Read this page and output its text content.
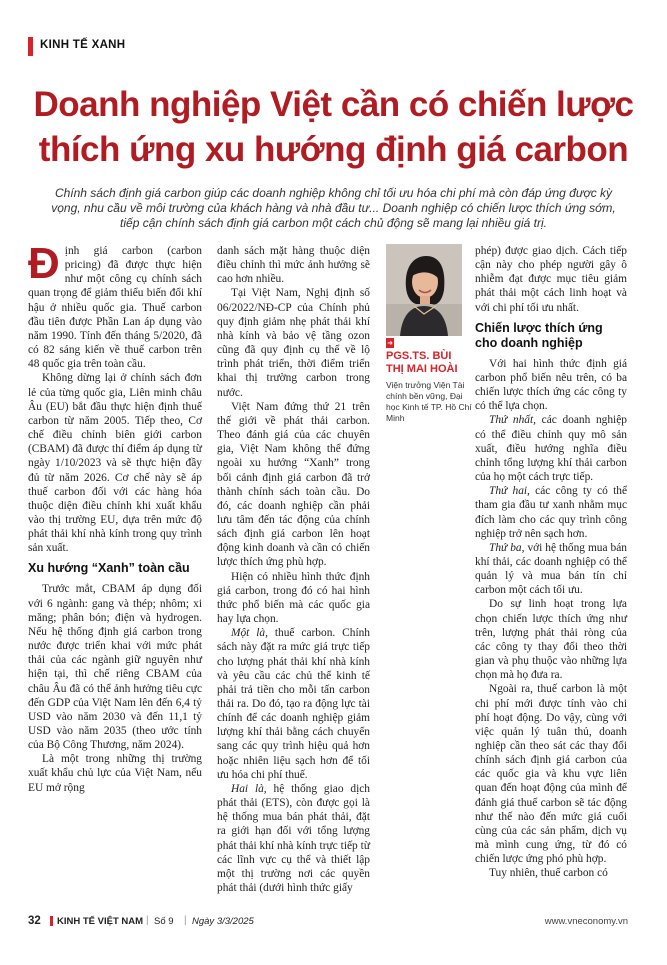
KINH TẾ XANH
Doanh nghiệp Việt cần có chiến lược
thích ứng xu hướng định giá carbon
Chính sách định giá carbon giúp các doanh nghiệp không chỉ tối ưu hóa chi phí mà còn đáp ứng được kỳ vọng, nhu cầu về môi trường của khách hàng và nhà đầu tư... Doanh nghiệp có chiến lược thích ứng sớm, tiếp cận chính sách định giá carbon một cách chủ động sẽ mang lại nhiều giá trị.

Định giá carbon (carbon pricing) đã được thực hiện như một công cụ chính sách quan trọng để giảm thiểu biến đổi khí hậu ở nhiều quốc gia. Thuế carbon đầu tiên được Phần Lan áp dụng vào năm 1990. Tính đến tháng 5/2020, đã có 82 sáng kiến về thuế carbon trên 48 quốc gia trên toàn cầu.

Không dừng lại ở chính sách đơn lẻ của từng quốc gia, Liên minh châu Âu (EU) bắt đầu thực hiện định thuế carbon từ năm 2005. Tiếp theo, Cơ chế điều chỉnh biên giới carbon (CBAM) đã được thí điểm áp dụng từ ngày 1/10/2023 và sẽ thực hiện đầy đủ từ năm 2026. Cơ chế này sẽ áp thuế carbon đối với các hàng hóa thuộc diện điều chỉnh khi xuất khẩu vào thị trường EU, dựa trên mức độ phát thải khí nhà kính trong quy trình sản xuất.

Xu hướng “Xanh” toàn cầu

Trước mắt, CBAM áp dụng đối với 6 ngành: gang và thép; nhôm; xi măng; phân bón; điện và hydrogen. Nếu hệ thống định giá carbon trong nước được triển khai với mức phát thải của các ngành giữ nguyên như hiện tại, thì chế riêng CBAM của châu Âu đã có thể ảnh hưởng tiêu cực đến GDP của Việt Nam lên đến 6,4 tỷ USD vào năm 2030 và đến 11,1 tỷ USD vào năm 2035 (theo ước tính của Bộ Công Thương, năm 2024).

Là một trong những thị trường xuất khẩu chủ lực của Việt Nam, nếu EU mở rộng

danh sách mặt hàng thuộc diện điều chỉnh thì mức ảnh hưởng sẽ cao hơn nhiều.

Tại Việt Nam, Nghị định số 06/2022/NĐ-CP của Chính phủ quy định giảm nhẹ phát thải khí nhà kính và bảo vệ tầng ozon cũng đã quy định cụ thể về lộ trình phát triển, thời điểm triển khai thị trường carbon trong nước.

Việt Nam đứng thứ 21 trên thế giới về phát thải carbon. Theo đánh giá của các chuyên gia, Việt Nam không thể đứng ngoài xu hướng “Xanh” trong bối cảnh định giá carbon đã trở thành chính sách toàn cầu. Do đó, các doanh nghiệp cần phải lưu tâm đến tác động của chính sách định giá carbon lên hoạt động kinh doanh và cần có chiến lược thích ứng phù hợp.

Hiện có nhiều hình thức định giá carbon, trong đó có hai hình thức phổ biến mà các quốc gia hay lựa chọn.

Một là, thuế carbon. Chính sách này đặt ra mức giá trực tiếp cho lượng phát thải khí nhà kính và yêu cầu các chủ thể kinh tế phải trả tiền cho mỗi tấn carbon thải ra. Do đó, tạo ra động lực tài chính để các doanh nghiệp giảm lượng khí thải bằng cách chuyển sang các quy trình hiệu quả hơn hoặc nhiên liệu sạch hơn để tối ưu hóa chi phí thuế.

Hai là, hệ thống giao dịch phát thải (ETS), còn được gọi là hệ thống mua bán phát thải, đặt ra giới hạn đối với tổng lượng phát thải khí nhà kính trực tiếp từ các lĩnh vực cụ thể và thiết lập một thị trường nơi các quyền phát thải (dưới hình thức giấy

➜
PGS.TS. BÙI THỊ MAI HOÀI
Viện trưởng Viện Tài chính bền vững, Đại học Kinh tế TP. Hồ Chí Minh

phép) được giao dịch. Cách tiếp cận này cho phép người gây ô nhiễm đạt được mục tiêu giảm phát thải một cách linh hoạt và với chi phí tối ưu nhất.

Chiến lược thích ứng cho doanh nghiệp

Với hai hình thức định giá carbon phổ biến nêu trên, có ba chiến lược thích ứng các công ty có thể lựa chọn.

Thứ nhất, các doanh nghiệp có thể điều chỉnh quy mô sản xuất, điều hướng nghĩa điều chỉnh tổng lượng khí thải carbon của họ một cách trực tiếp.

Thứ hai, các công ty có thể tham gia đầu tư xanh nhằm mục đích làm cho các quy trình công nghiệp trở nên sạch hơn.

Thứ ba, với hệ thống mua bán khí thải, các doanh nghiệp có thể quản lý và mua bán tín chỉ carbon một cách tối ưu.

Do sự linh hoạt trong lựa chọn chiến lược thích ứng như trên, lượng phát thải ròng của các công ty thay đổi theo thời gian và phụ thuộc vào những lựa chọn mà họ đưa ra.

Ngoài ra, thuế carbon là một chi phí mới được tính vào chi phí hoạt động. Do vậy, cùng với việc quản lý tuân thủ, doanh nghiệp cần theo sát các thay đổi chính sách định giá carbon của các quốc gia và khu vực liên quan đến hoạt động của mình để đánh giá thuế carbon sẽ tác động như thế nào đến mức giá cuối cùng của các sản phẩm, dịch vụ mà mình cung ứng, từ đó có chiến lược ứng phó phù hợp.

Tuy nhiên, thuế carbon có

32 KINH TẾ VIỆT NAM | Số 9 | Ngày 3/3/2025	www.vneconomy.vn
